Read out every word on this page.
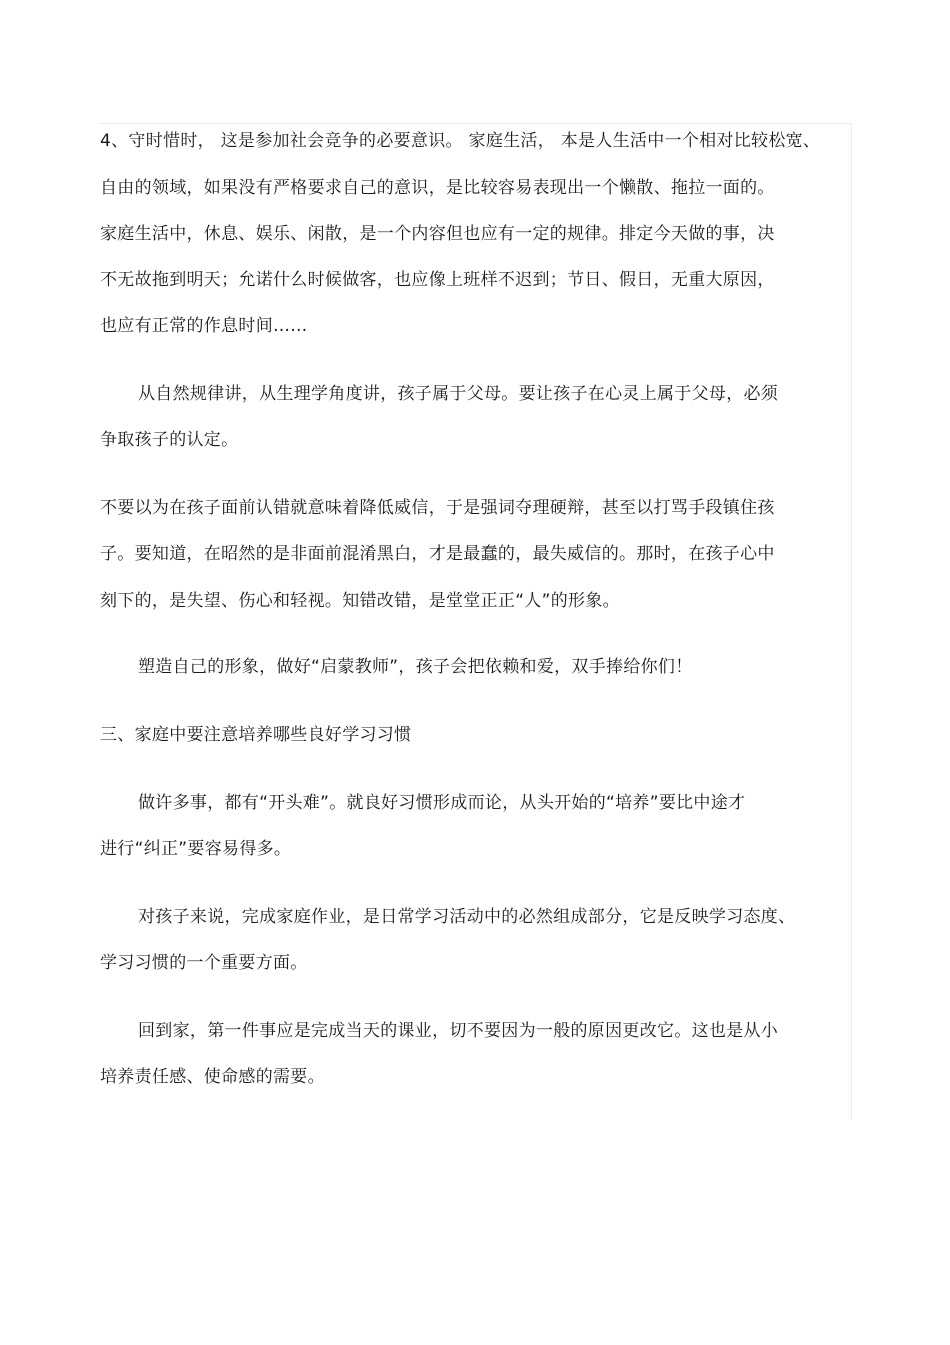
4、守时惜时， 这是参加社会竞争的必要意识。 家庭生活， 本是人生活中一个相对比较松宽、
自由的领域，如果没有严格要求自己的意识，是比较容易表现出一个懒散、拖拉一面的。
家庭生活中，休息、娱乐、闲散，是一个内容但也应有一定的规律。排定今天做的事，决
不无故拖到明天；允诺什么时候做客，也应像上班样不迟到；节日、假日，无重大原因，
也应有正常的作息时间……
从自然规律讲，从生理学角度讲，孩子属于父母。要让孩子在心灵上属于父母，必须
争取孩子的认定。
不要以为在孩子面前认错就意味着降低威信，于是强词夺理硬辩，甚至以打骂手段镇住孩
子。要知道，在昭然的是非面前混淆黑白，才是最蠢的，最失威信的。那时，在孩子心中
刻下的，是失望、伤心和轻视。知错改错，是堂堂正正“人”的形象。
塑造自己的形象，做好“启蒙教师”，孩子会把依赖和爱，双手捧给你们！
三、家庭中要注意培养哪些良好学习习惯
做许多事，都有“开头难”。就良好习惯形成而论，从头开始的“培养”要比中途才
进行“纠正”要容易得多。
对孩子来说，完成家庭作业，是日常学习活动中的必然组成部分，它是反映学习态度、
学习习惯的一个重要方面。
回到家，第一件事应是完成当天的课业，切不要因为一般的原因更改它。这也是从小
培养责任感、使命感的需要。
